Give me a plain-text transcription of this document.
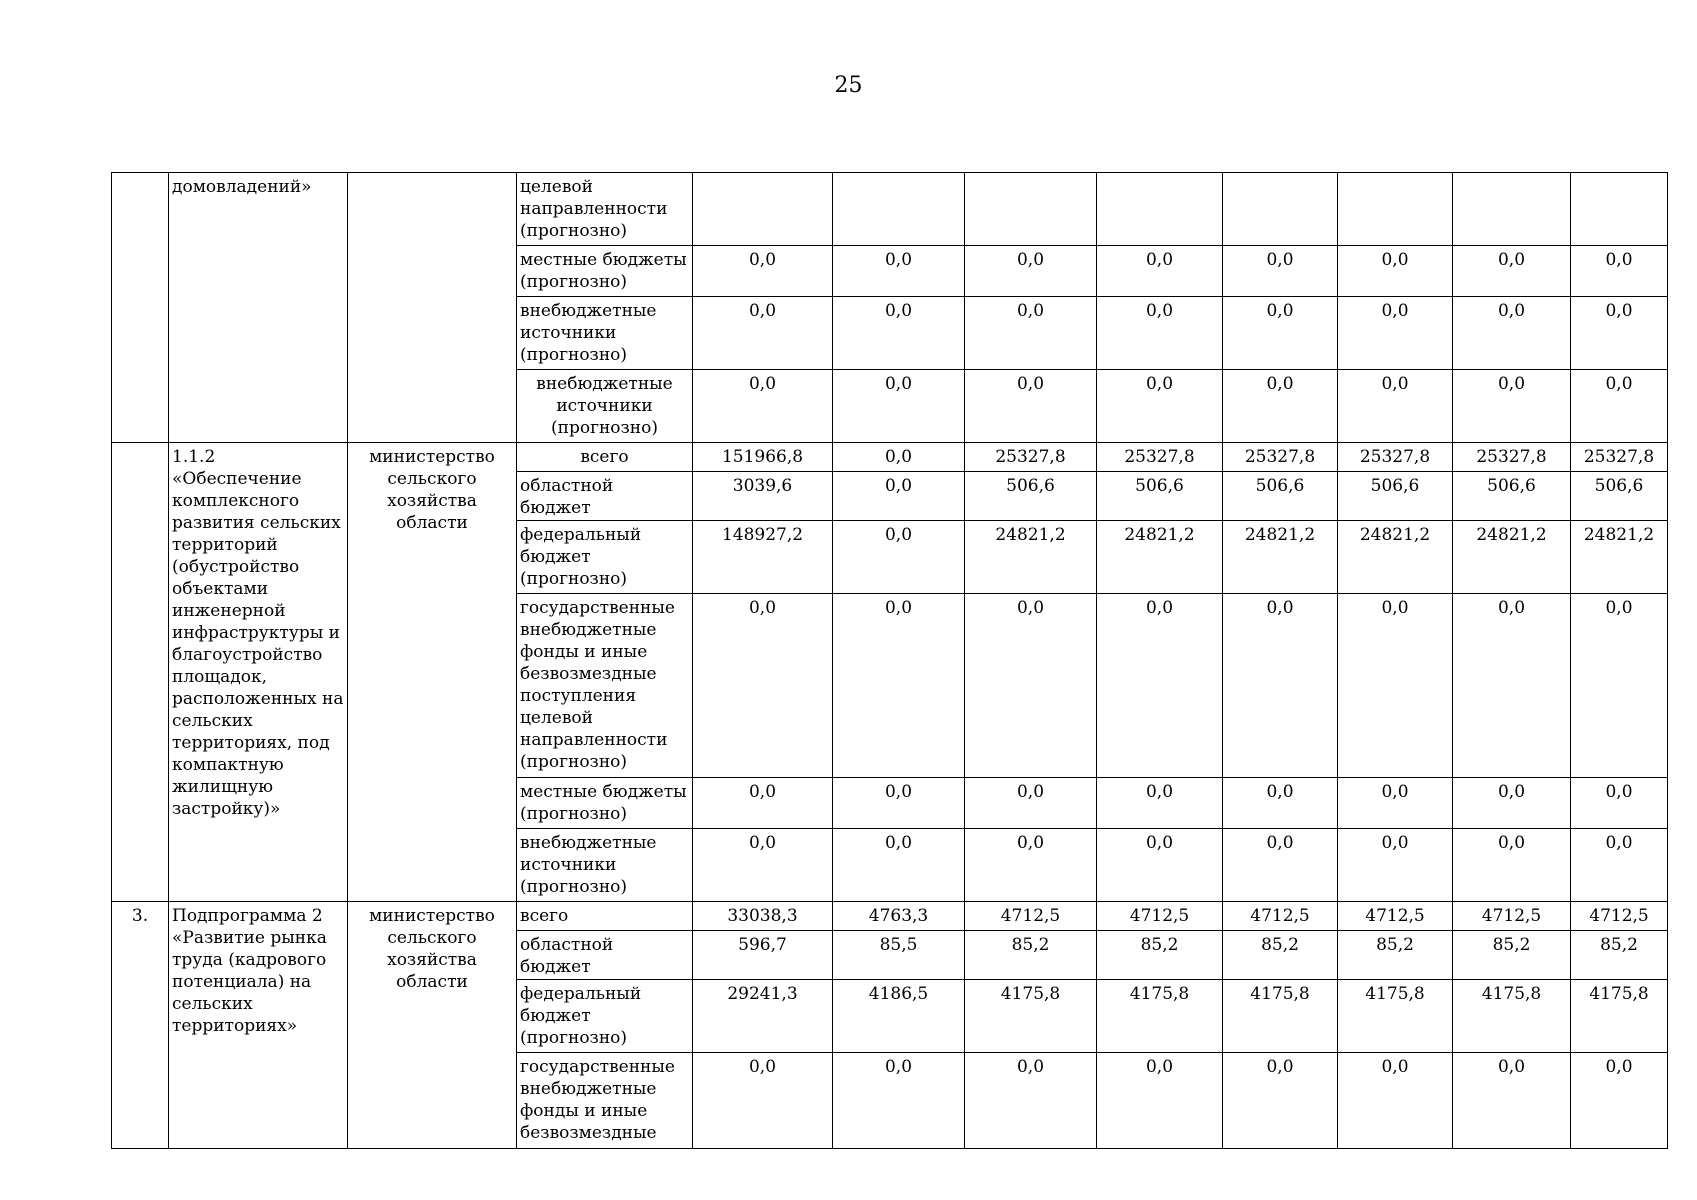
25
	домовладений»		целевой направленности (прогнозно)								
			местные бюджеты (прогнозно)	0,0	0,0	0,0	0,0	0,0	0,0	0,0	0,0
			внебюджетные источники (прогнозно)	0,0	0,0	0,0	0,0	0,0	0,0	0,0	0,0
			внебюджетные источники (прогнозно)	0,0	0,0	0,0	0,0	0,0	0,0	0,0	0,0
	1.1.2 «Обеспечение комплексного развития сельских территорий (обустройство объектами инженерной инфраструктуры и благоустройство площадок, расположенных на сельских территориях, под компактную жилищную застройку)»	министерство сельского хозяйства области	всего	151966,8	0,0	25327,8	25327,8	25327,8	25327,8	25327,8	25327,8
			областной бюджет	3039,6	0,0	506,6	506,6	506,6	506,6	506,6	506,6
			федеральный бюджет (прогнозно)	148927,2	0,0	24821,2	24821,2	24821,2	24821,2	24821,2	24821,2
			государственные внебюджетные фонды и иные безвозмездные поступления целевой направленности (прогнозно)	0,0	0,0	0,0	0,0	0,0	0,0	0,0	0,0
			местные бюджеты (прогнозно)	0,0	0,0	0,0	0,0	0,0	0,0	0,0	0,0
			внебюджетные источники (прогнозно)	0,0	0,0	0,0	0,0	0,0	0,0	0,0	0,0
3.	Подпрограмма 2 «Развитие рынка труда (кадрового потенциала) на сельских территориях»	министерство сельского хозяйства области	всего	33038,3	4763,3	4712,5	4712,5	4712,5	4712,5	4712,5	4712,5
			областной бюджет	596,7	85,5	85,2	85,2	85,2	85,2	85,2	85,2
			федеральный бюджет (прогнозно)	29241,3	4186,5	4175,8	4175,8	4175,8	4175,8	4175,8	4175,8
			государственные внебюджетные фонды и иные безвозмездные	0,0	0,0	0,0	0,0	0,0	0,0	0,0	0,0
